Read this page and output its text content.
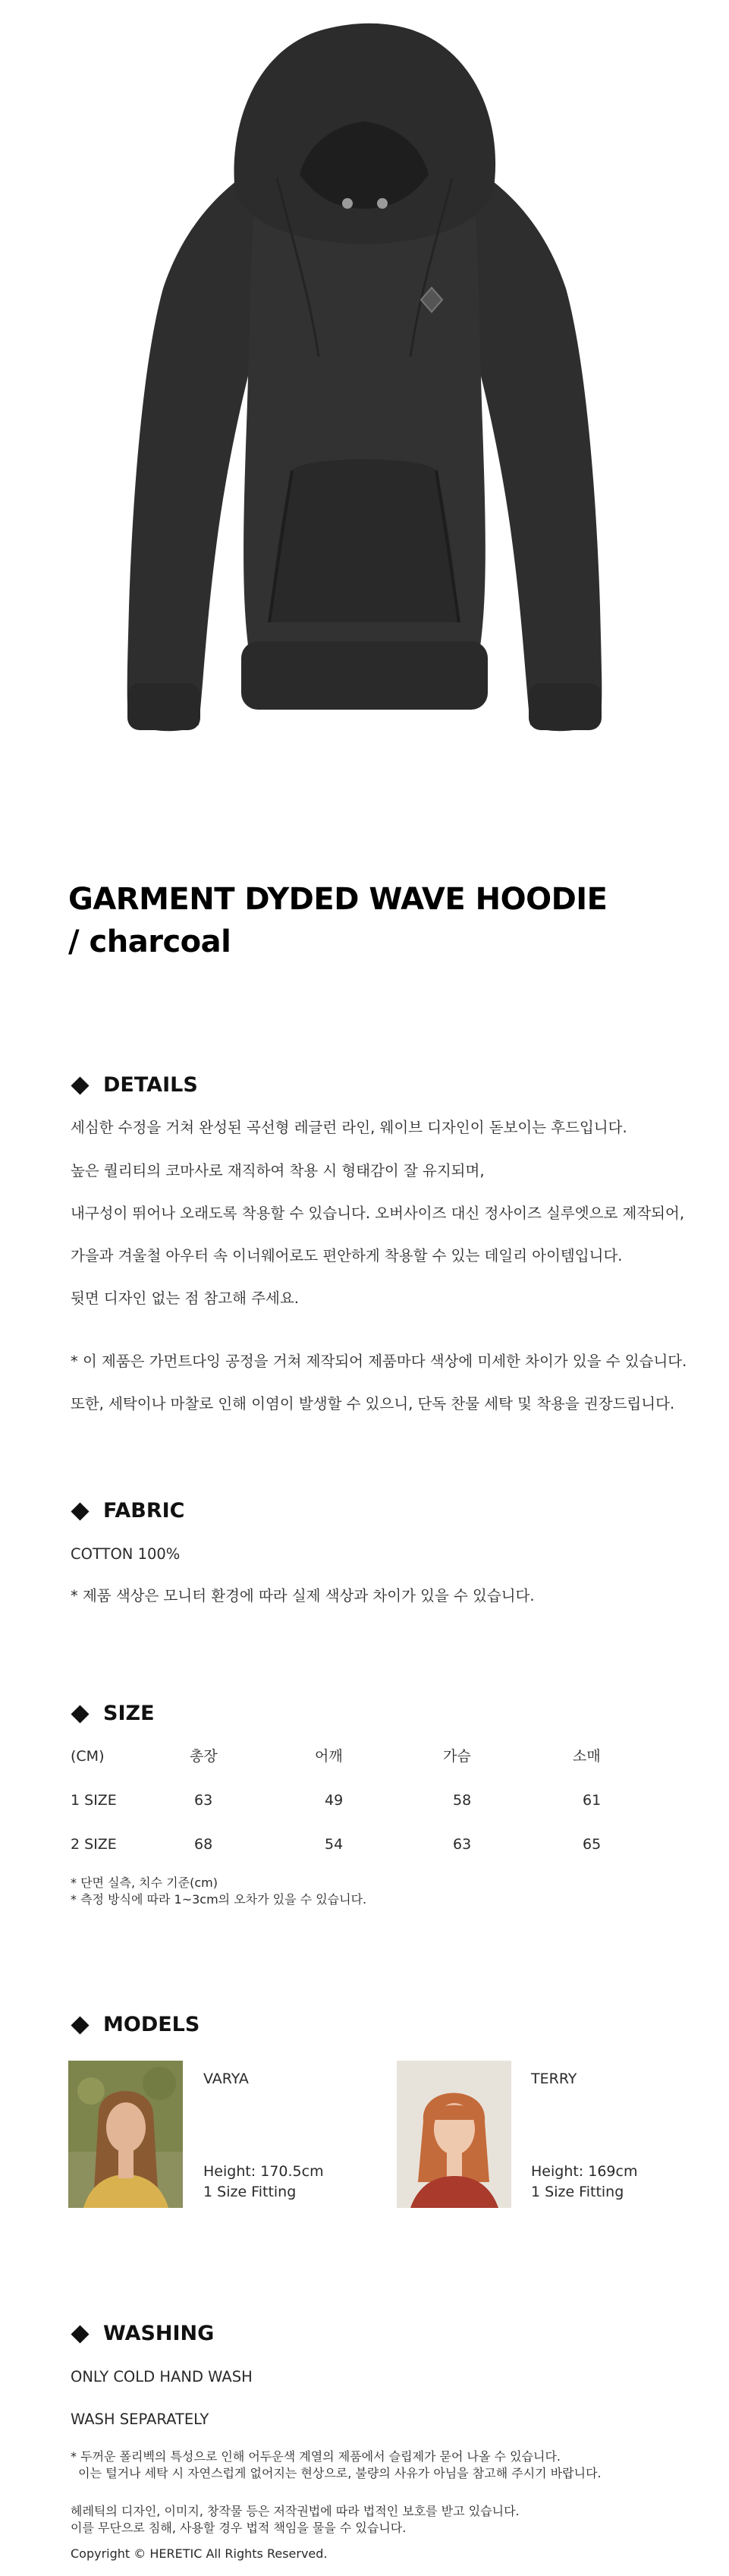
GARMENT DYDED WAVE HOODIE
/ charcoal
DETAILS
세심한 수정을 거쳐 완성된 곡선형 레글런 라인, 웨이브 디자인이 돋보이는 후드입니다.
높은 퀄리티의 코마사로 재직하여 착용 시 형태감이 잘 유지되며,
내구성이 뛰어나 오래도록 착용할 수 있습니다. 오버사이즈 대신 정사이즈 실루엣으로 제작되어,
가을과 겨울철 아우터 속 이너웨어로도 편안하게 착용할 수 있는 데일리 아이템입니다.
뒷면 디자인 없는 점 참고해 주세요.
* 이 제품은 가먼트다잉 공정을 거쳐 제작되어 제품마다 색상에 미세한 차이가 있을 수 있습니다.
또한, 세탁이나 마찰로 인해 이염이 발생할 수 있으니, 단독 찬물 세탁 및 착용을 권장드립니다.
FABRIC
COTTON 100%
* 제품 색상은 모니터 환경에 따라 실제 색상과 차이가 있을 수 있습니다.
SIZE
(CM)	총장	어깨	가슴	소매
1 SIZE	63	49	58	61
2 SIZE	68	54	63	65
* 단면 실측, 치수 기준(cm)
* 측정 방식에 따라 1~3cm의 오차가 있을 수 있습니다.
MODELS
VARYA
Height: 170.5cm
1 Size Fitting
TERRY
Height: 169cm
1 Size Fitting
WASHING
ONLY COLD HAND WASH
WASH SEPARATELY
* 두꺼운 폴리벡의 특성으로 인해 어두운색 계열의 제품에서 슬립제가 묻어 나올 수 있습니다.
이는 털거나 세탁 시 자연스럽게 없어지는 현상으로, 불량의 사유가 아님을 참고해 주시기 바랍니다.
헤레틱의 디자인, 이미지, 창작물 등은 저작권법에 따라 법적인 보호를 받고 있습니다.
이를 무단으로 침해, 사용할 경우 법적 책임을 물을 수 있습니다.
Copyright © HERETIC All Rights Reserved.
